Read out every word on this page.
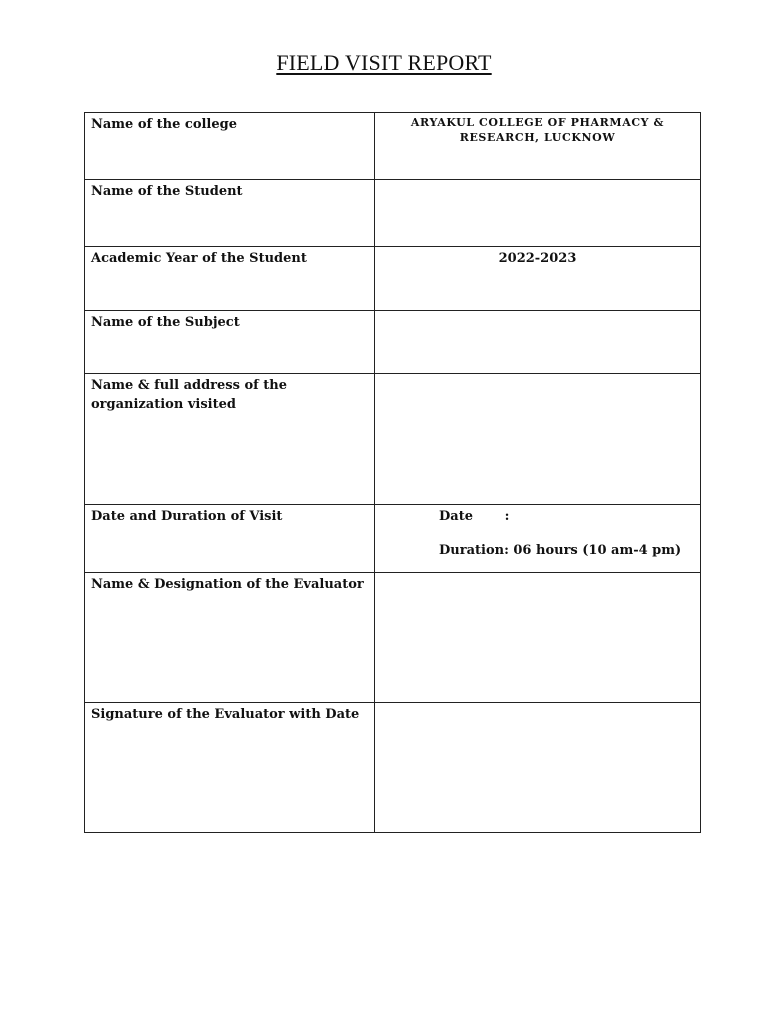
FIELD VISIT REPORT
Name of the college	ARYAKUL COLLEGE OF PHARMACY & RESEARCH, LUCKNOW

Name of the Student	
Academic Year of the Student	2022-2023
Name of the Subject	
Name & full address of the organization visited	
Date and Duration of Visit	Date       :
Duration: 06 hours (10 am-4 pm)

Name & Designation of the Evaluator	
Signature of the Evaluator with Date	
